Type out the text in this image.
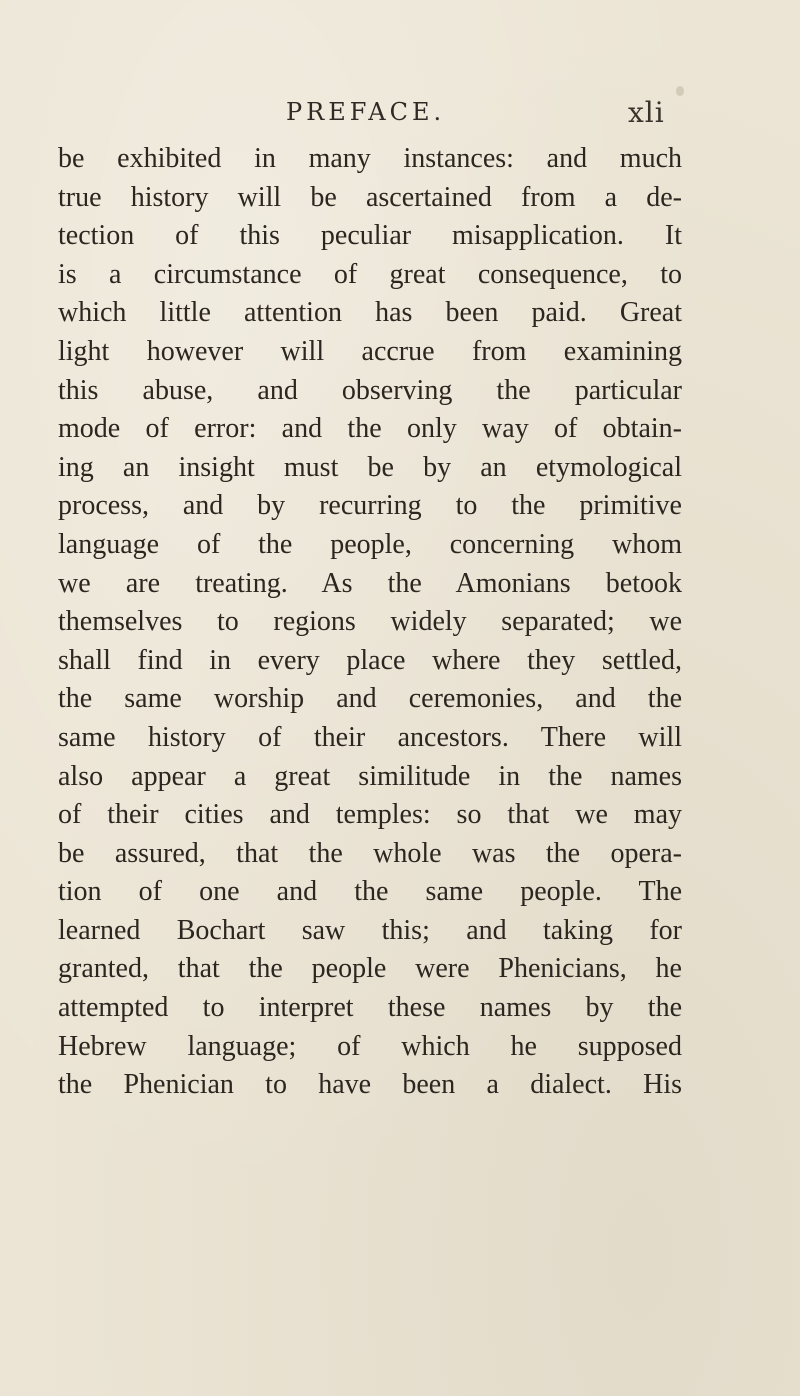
PREFACE.	xli
be exhibited in many instances: and much
true history will be ascertained from a de-
tection of this peculiar misapplication. It
is a circumstance of great consequence, to
which little attention has been paid. Great
light however will accrue from examining
this abuse, and observing the particular
mode of error: and the only way of obtain-
ing an insight must be by an etymological
process, and by recurring to the primitive
language of the people, concerning whom
we are treating. As the Amonians betook
themselves to regions widely separated; we
shall find in every place where they settled,
the same worship and ceremonies, and the
same history of their ancestors. There will
also appear a great similitude in the names
of their cities and temples: so that we may
be assured, that the whole was the opera-
tion of one and the same people. The
learned Bochart saw this; and taking for
granted, that the people were Phenicians, he
attempted to interpret these names by the
Hebrew language; of which he supposed
the Phenician to have been a dialect. His
